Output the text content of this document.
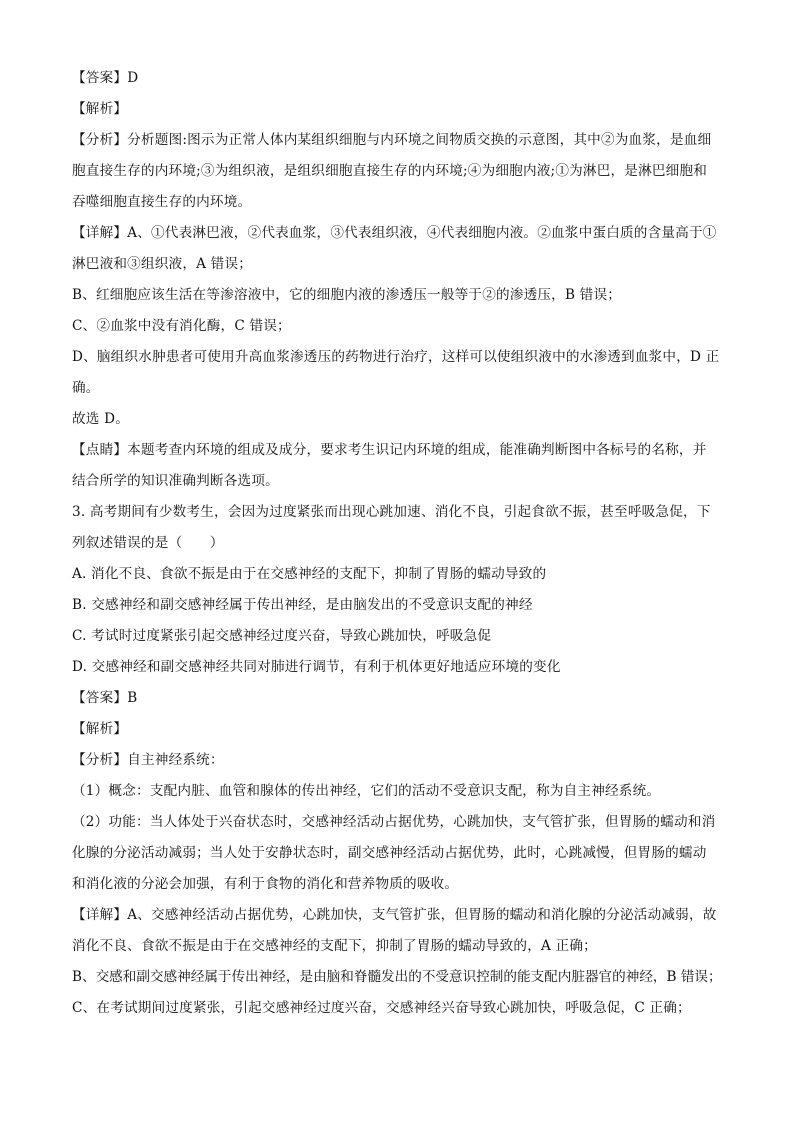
【答案】D
【解析】
【分析】分析题图:图示为正常人体内某组织细胞与内环境之间物质交换的示意图，其中②为血浆，是血细
胞直接生存的内环境;③为组织液，是组织细胞直接生存的内环境;④为细胞内液;①为淋巴，是淋巴细胞和
吞噬细胞直接生存的内环境。
【详解】A、①代表淋巴液，②代表血浆，③代表组织液，④代表细胞内液。②血浆中蛋白质的含量高于①
淋巴液和③组织液，A 错误；
B、红细胞应该生活在等渗溶液中，它的细胞内液的渗透压一般等于②的渗透压，B 错误；
C、②血浆中没有消化酶，C 错误；
D、脑组织水肿患者可使用升高血浆渗透压的药物进行治疗，这样可以使组织液中的水渗透到血浆中，D 正
确。
故选 D。
【点睛】本题考查内环境的组成及成分，要求考生识记内环境的组成，能准确判断图中各标号的名称，并
结合所学的知识准确判断各选项。
3. 高考期间有少数考生，会因为过度紧张而出现心跳加速、消化不良，引起食欲不振，甚至呼吸急促，下
列叙述错误的是（　　）
A. 消化不良、食欲不振是由于在交感神经的支配下，抑制了胃肠的蠕动导致的
B. 交感神经和副交感神经属于传出神经，是由脑发出的不受意识支配的神经
C. 考试时过度紧张引起交感神经过度兴奋，导致心跳加快，呼吸急促
D. 交感神经和副交感神经共同对肺进行调节，有利于机体更好地适应环境的变化
【答案】B
【解析】
【分析】自主神经系统：
（1）概念：支配内脏、血管和腺体的传出神经，它们的活动不受意识支配，称为自主神经系统。
（2）功能：当人体处于兴奋状态时，交感神经活动占据优势，心跳加快，支气管扩张，但胃肠的蠕动和消
化腺的分泌活动减弱；当人处于安静状态时，副交感神经活动占据优势，此时，心跳减慢，但胃肠的蠕动
和消化液的分泌会加强，有利于食物的消化和营养物质的吸收。
【详解】A、交感神经活动占据优势，心跳加快，支气管扩张，但胃肠的蠕动和消化腺的分泌活动减弱，故
消化不良、食欲不振是由于在交感神经的支配下，抑制了胃肠的蠕动导致的，A 正确；
B、交感和副交感神经属于传出神经，是由脑和脊髓发出的不受意识控制的能支配内脏器官的神经，B 错误；
C、在考试期间过度紧张，引起交感神经过度兴奋，交感神经兴奋导致心跳加快，呼吸急促，C 正确；
